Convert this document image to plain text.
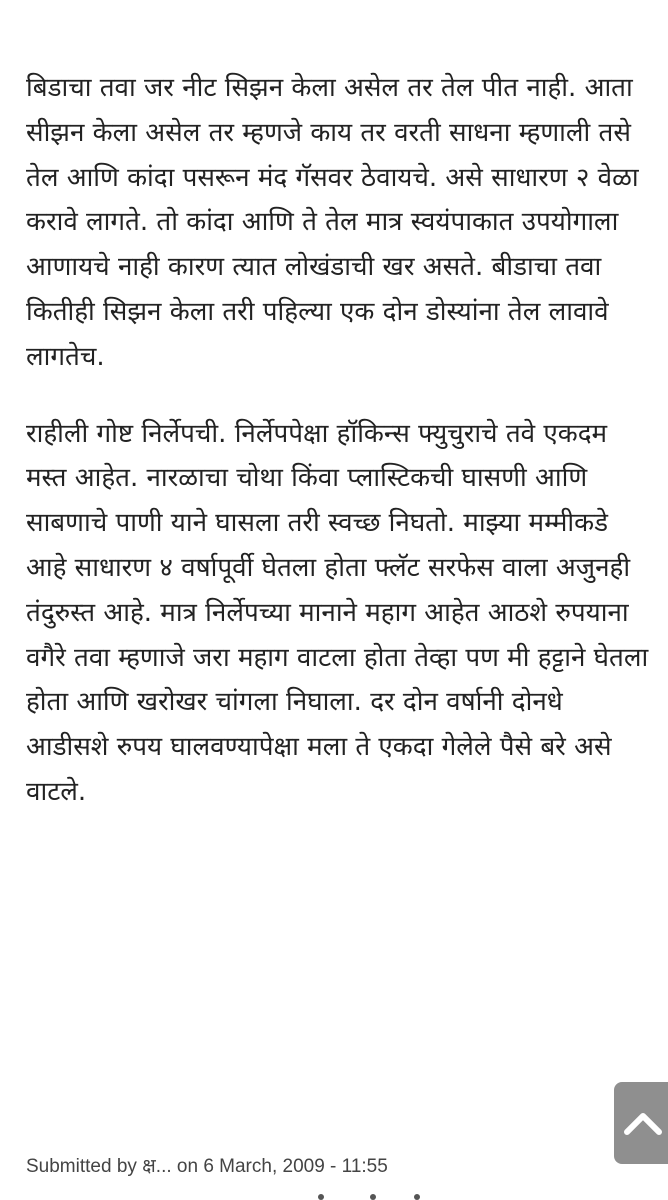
बिडाचा तवा जर नीट सिझन केला असेल तर तेल पीत नाही. आता सीझन केला असेल तर म्हणजे काय तर वरती साधना म्हणाली तसे तेल आणि कांदा पसरून मंद गॅसवर ठेवायचे. असे साधारण २ वेळा करावे लागते. तो कांदा आणि ते तेल मात्र स्वयंपाकात उपयोगाला आणायचे नाही कारण त्यात लोखंडाची खर असते. बीडाचा तवा कितीही सिझन केला तरी पहिल्या एक दोन डोस्यांना तेल लावावे लागतेच.

राहीली गोष्ट निर्लेपची. निर्लेपपेक्षा हॉकिन्स फ्युचुराचे तवे एकदम मस्त आहेत. नारळाचा चोथा किंवा प्लास्टिकची घासणी आणि साबणाचे पाणी याने घासला तरी स्वच्छ निघतो. माझ्या मम्मीकडे आहे साधारण ४ वर्षापूर्वी घेतला होता फ्लॅट सरफेस वाला अजुनही तंदुरुस्त आहे. मात्र निर्लेपच्या मानाने महाग आहेत आठशे रुपयाना वगैरे तवा म्हणाजे जरा महाग वाटला होता तेव्हा पण मी हट्टाने घेतला होता आणि खरोखर चांगला निघाला. दर दोन वर्षानी दोनधे आडीसशे रुपय घालवण्यापेक्षा मला ते एकदा गेलेले पैसे बरे असे वाटले.

Submitted by क्ष... on 6 March, 2009 - 11:55
